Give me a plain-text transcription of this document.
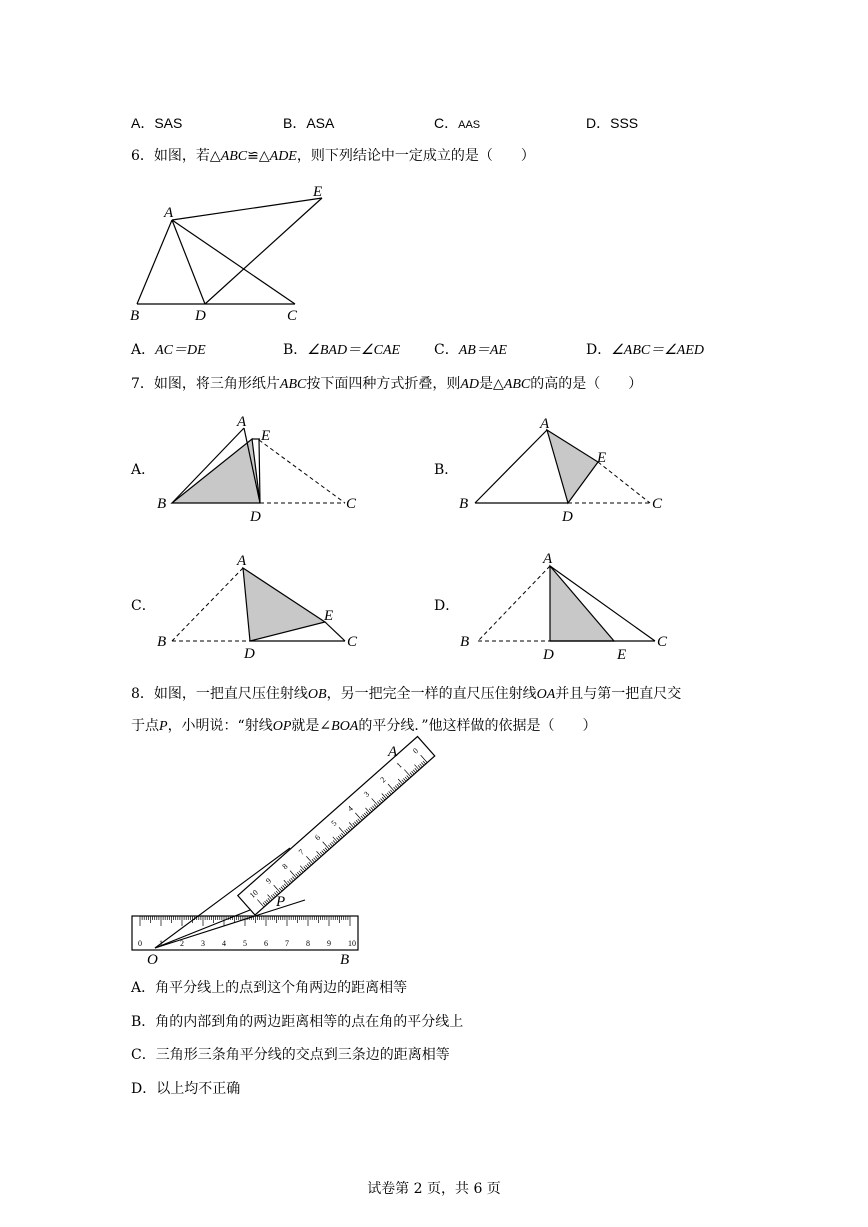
A．SAS	B．ASA	C．AAS	D．SSS
6．如图，若△ABC≌△ADE，则下列结论中一定成立的是（　　）
A
E
B	D	C
A．AC＝DE	B．∠BAD＝∠CAE C．AB＝AE	D．∠ABC＝∠AED
7．如图，将三角形纸片ABC按下面四种方式折叠，则AD是△ABC的高的是（　　）
A．	B．
C．	D．
A
E
B
D
C
A
E
B
D
C
A
E
B
D
C
A
B
D	E
C
8．如图，一把直尺压住射线OB，另一把完全一样的直尺压住射线OA并且与第一把直尺交
于点P，小明说：“射线OP就是∠BOA的平分线．”他这样做的依据是（　　）
0 1 2 3 4 5 6 7 8 9 10
10
9
8
7
6
5
4
3
2
1
0
O	B
A
P
A．角平分线上的点到这个角两边的距离相等
B．角的内部到角的两边距离相等的点在角的平分线上
C．三角形三条角平分线的交点到三条边的距离相等
D．以上均不正确
试卷第 2 页，共 6 页
